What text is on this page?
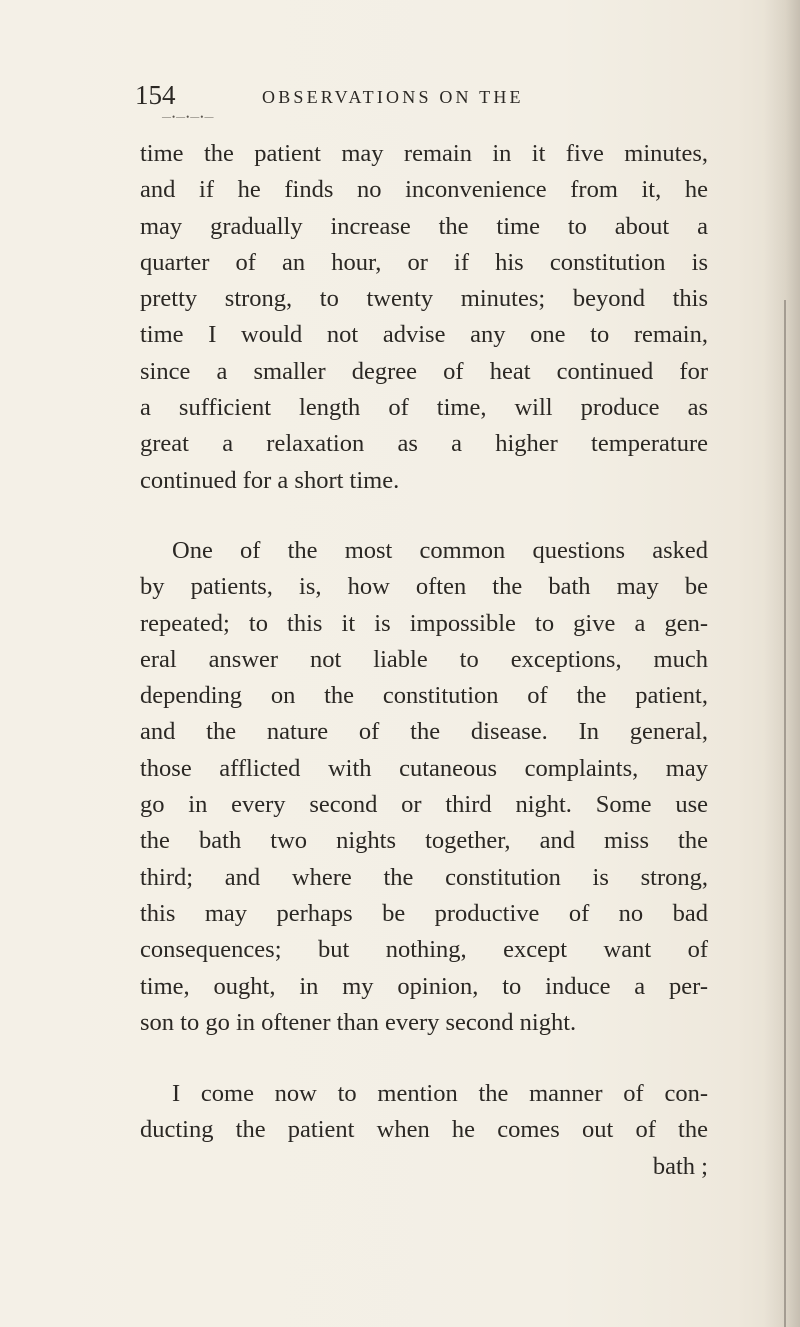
154	OBSERVATIONS ON THE
—•—•—•—
time the patient may remain in it five minutes,
and if he finds no inconvenience from it, he
may gradually increase the time to about a
quarter of an hour, or if his constitution is
pretty strong, to twenty minutes; beyond this
time I would not advise any one to remain,
since a smaller degree of heat continued for
a sufficient length of time, will produce as
great a relaxation as a higher temperature
continued for a short time.
One of the most common questions asked
by patients, is, how often the bath may be
repeated; to this it is impossible to give a gen-
eral answer not liable to exceptions, much
depending on the constitution of the patient,
and the nature of the disease. In general,
those afflicted with cutaneous complaints, may
go in every second or third night. Some use
the bath two nights together, and miss the
third; and where the constitution is strong,
this may perhaps be productive of no bad
consequences; but nothing, except want of
time, ought, in my opinion, to induce a per-
son to go in oftener than every second night.
I come now to mention the manner of con-
ducting the patient when he comes out of the
bath ;
